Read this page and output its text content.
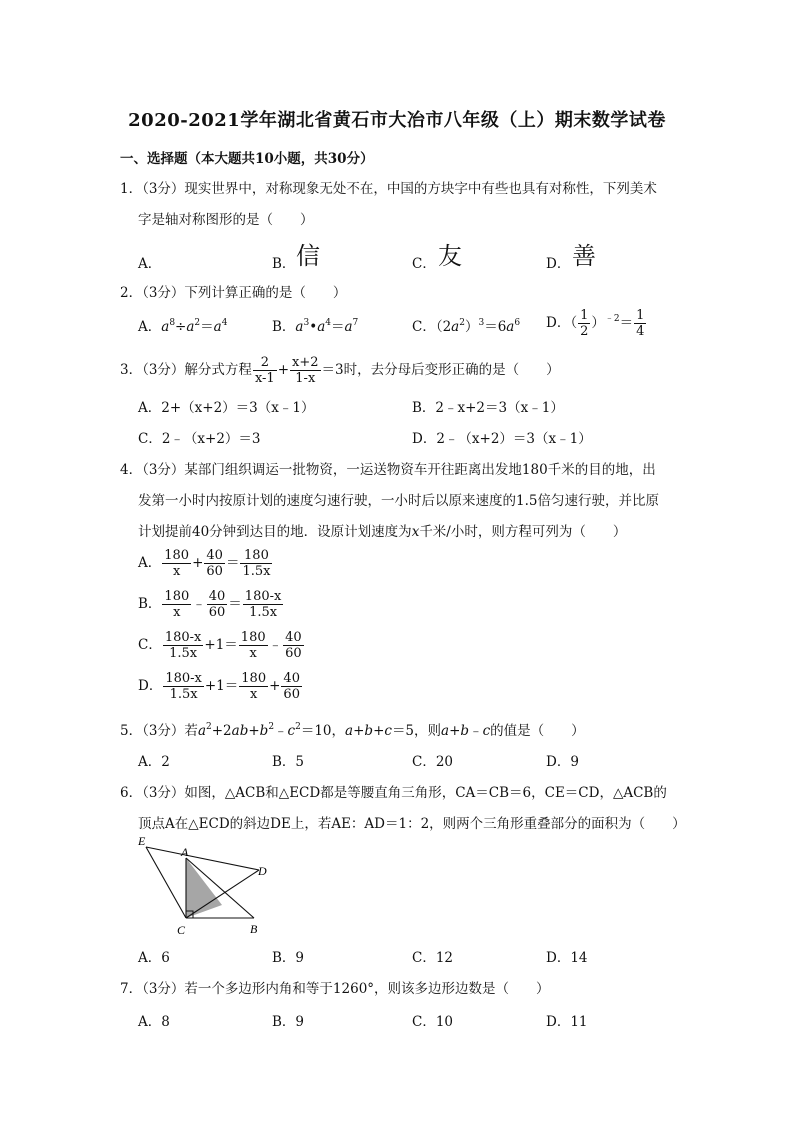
2020-2021学年湖北省黄石市大冶市八年级（上）期末数学试卷
一、选择题（本大题共10小题，共30分）
1．（3分）现实世界中，对称现象无处不在，中国的方块字中有些也具有对称性，下列美术
字是轴对称图形的是（　　）
A．	B． 信	C． 友	D． 善
2．（3分）下列计算正确的是（　　）
A．$a^8\div a^2=a^4$	B．$a^3•a^4=a^7$	C．$(2a^2)^3=6a^6$ D．（ $\frac{1}{2} )^{﹣2}= \frac{1}{4}$
3．（3分）解分式方程 $\frac{2}{x-1} + \frac{x+2}{1-x} =3$时，去分母后变形正确的是（　　）
A．2+（x+2）＝3（x﹣1）	B．2﹣x+2＝3（x﹣1）
C．2﹣（x+2）＝3	D．2﹣（x+2）＝3（x﹣1）
4．（3分）某部门组织调运一批物资，一运送物资车开往距离出发地180千米的目的地，出
发第一小时内按原计划的速度匀速行驶，一小时后以原来速度的1.5倍匀速行驶，并比原
计划提前40分钟到达目的地．设原计划速度为x千米/小时，则方程可列为（　　）
A． $\frac{180}{x} + \frac{40}{60} = \frac{180}{1.5x}$
B． $\frac{180}{x}$ ﹣ $\frac{40}{60} = \frac{180-x}{1.5x}$
C． $\frac{180-x}{1.5x} +1= \frac{180}{x}$ ﹣ $\frac{40}{60}$
D． $\frac{180-x}{1.5x} +1= \frac{180}{x} + \frac{40}{60}$
5．（3分）若$a^2+2ab+b^2﹣c^2=10$，a+b+c＝5，则a+b﹣c的值是（　　）
A．2	B．5	C．20	D．9
6．（3分）如图，△ACB和△ECD都是等腰直角三角形，CA＝CB＝6，CE＝CD，△ACB的
顶点A在△ECD的斜边DE上，若AE：AD＝1：2，则两个三角形重叠部分的面积为（　　）
E
A
D
C	B
A．6	B．9	C．12	D．14
7．（3分）若一个多边形内角和等于1260°，则该多边形边数是（　　）
A．8	B．9	C．10	D．11
